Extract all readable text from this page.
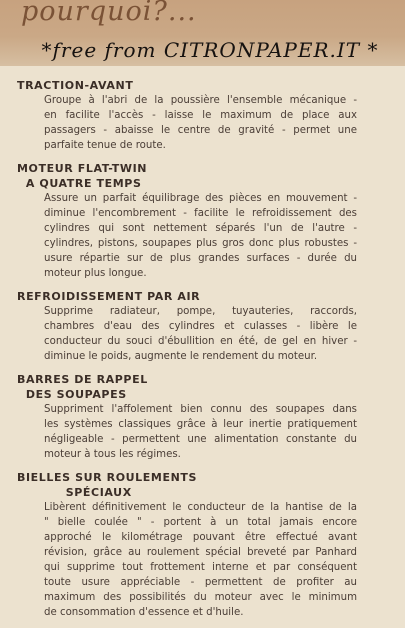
pourquoi?...
*free from CITRONPAPER.IT *
TRACTION-AVANT
Groupe à l'abri de la poussière l'ensemble mécanique -
en facilite l'accès - laisse le maximum de place aux
passagers - abaisse le centre de gravité - permet une
parfaite tenue de route.
MOTEUR FLAT-TWIN
A QUATRE TEMPS
Assure un parfait équilibrage des pièces en mouvement -
diminue l'encombrement - facilite le refroidissement des
cylindres qui sont nettement séparés l'un de l'autre -
cylindres, pistons, soupapes plus gros donc plus robustes -
usure répartie sur de plus grandes surfaces - durée du
moteur plus longue.
REFROIDISSEMENT PAR AIR
Supprime radiateur, pompe, tuyauteries, raccords,
chambres d'eau des cylindres et culasses - libère le
conducteur du souci d'ébullition en été, de gel en hiver -
diminue le poids, augmente le rendement du moteur.
BARRES DE RAPPEL
DES SOUPAPES
Suppriment l'affolement bien connu des soupapes dans
les systèmes classiques grâce à leur inertie pratiquement
négligeable - permettent une alimentation constante du
moteur à tous les régimes.
BIELLES SUR ROULEMENTS
SPÉCIAUX
Libèrent définitivement le conducteur de la hantise de la
" bielle coulée " - portent à un total jamais encore
approché le kilométrage pouvant être effectué avant
révision, grâce au roulement spécial breveté par Panhard
qui supprime tout frottement interne et par conséquent
toute usure appréciable - permettent de profiter au
maximum des possibilités du moteur avec le minimum
de consommation d'essence et d'huile.
